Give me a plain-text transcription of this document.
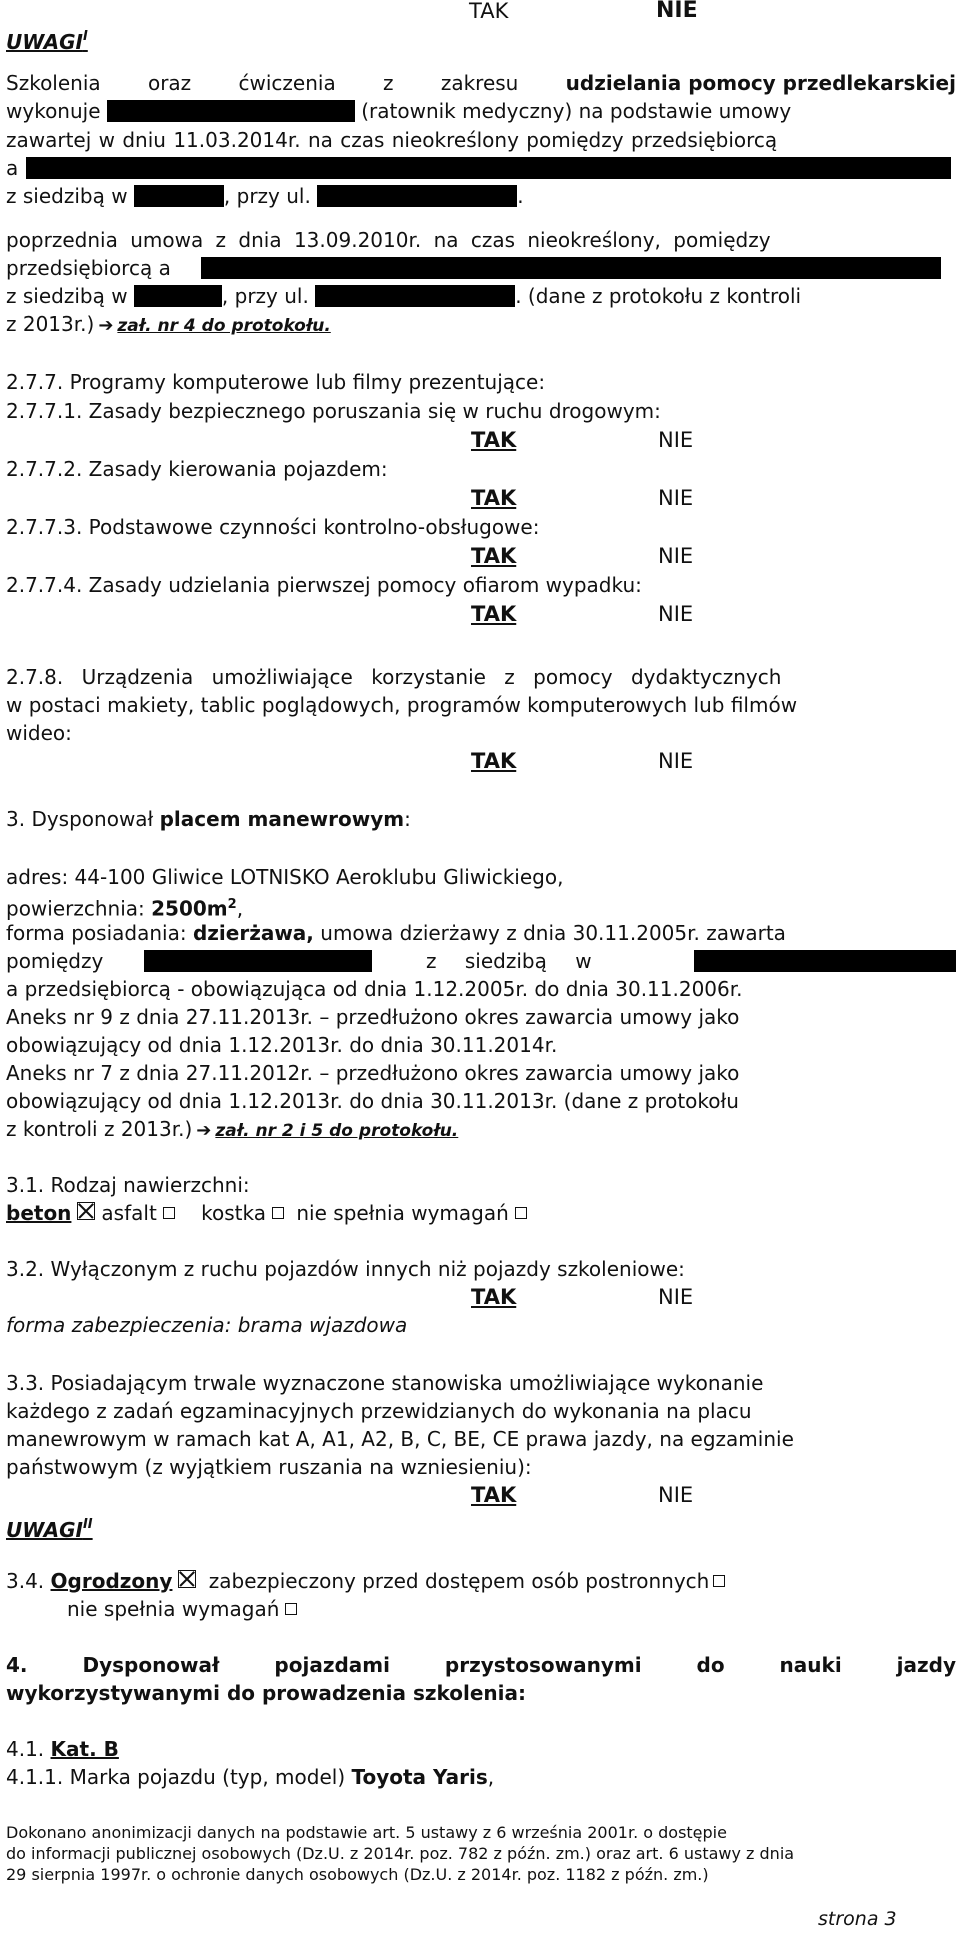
TAK	NIE
$UWAGI^I$
Szkolenia oraz ćwiczenia z zakresu udzielania pomocy przedlekarskiej
wykonuje	(ratownik medyczny) na podstawie umowy
zawartej w dniu 11.03.2014r. na czas nieokreślony pomiędzy przedsiębiorcą
a
z siedzibą w	, przy ul.	.
poprzednia umowa z dnia 13.09.2010r. na czas nieokreślony, pomiędzy
przedsiębiorcą a
z siedzibą w	, przy ul.	. (dane z protokołu z kontroli
z 2013r.) ➔ zał. nr 4 do protokołu.
2.7.7. Programy komputerowe lub filmy prezentujące:
2.7.7.1. Zasady bezpiecznego poruszania się w ruchu drogowym:
TAK	NIE
2.7.7.2. Zasady kierowania pojazdem:
TAK	NIE
2.7.7.3. Podstawowe czynności kontrolno-obsługowe:
TAK	NIE
2.7.7.4. Zasady udzielania pierwszej pomocy ofiarom wypadku:
TAK	NIE
2.7.8. Urządzenia umożliwiające korzystanie z pomocy dydaktycznych
w postaci makiety, tablic poglądowych, programów komputerowych lub filmów
wideo:
TAK	NIE
3. Dysponował placem manewrowym:
adres: 44-100 Gliwice LOTNISKO Aeroklubu Gliwickiego,
powierzchnia: $2500m^2$,
forma posiadania: dzierżawa, umowa dzierżawy z dnia 30.11.2005r. zawarta
pomiędzy	z siedzibą w
a przedsiębiorcą - obowiązująca od dnia 1.12.2005r. do dnia 30.11.2006r.
Aneks nr 9 z dnia 27.11.2013r. – przedłużono okres zawarcia umowy jako
obowiązujący od dnia 1.12.2013r. do dnia 30.11.2014r.
Aneks nr 7 z dnia 27.11.2012r. – przedłużono okres zawarcia umowy jako
obowiązujący od dnia 1.12.2013r. do dnia 30.11.2013r. (dane z protokołu
z kontroli z 2013r.) ➔ zał. nr 2 i 5 do protokołu.
3.1. Rodzaj nawierzchni:
beton asfalt kostka nie spełnia wymagań
3.2. Wyłączonym z ruchu pojazdów innych niż pojazdy szkoleniowe:
TAK	NIE
forma zabezpieczenia: brama wjazdowa
3.3. Posiadającym trwale wyznaczone stanowiska umożliwiające wykonanie
każdego z zadań egzaminacyjnych przewidzianych do wykonania na placu
manewrowym w ramach kat A, A1, A2, B, C, BE, CE prawa jazdy, na egzaminie
państwowym (z wyjątkiem ruszania na wzniesieniu):
TAK	NIE
$UWAGI^{II}$
3.4. Ogrodzony zabezpieczony przed dostępem osób postronnych
nie spełnia wymagań
4.	Dysponował	pojazdami	przystosowanymi	do	nauki	jazdy
wykorzystywanymi do prowadzenia szkolenia:
4.1. Kat. B
4.1.1. Marka pojazdu (typ, model) Toyota Yaris,
Dokonano anonimizacji danych na podstawie art. 5 ustawy z 6 września 2001r. o dostępie
do informacji publicznej osobowych (Dz.U. z 2014r. poz. 782 z późn. zm.) oraz art. 6 ustawy z dnia
29 sierpnia 1997r. o ochronie danych osobowych (Dz.U. z 2014r. poz. 1182 z późn. zm.)
strona 3
